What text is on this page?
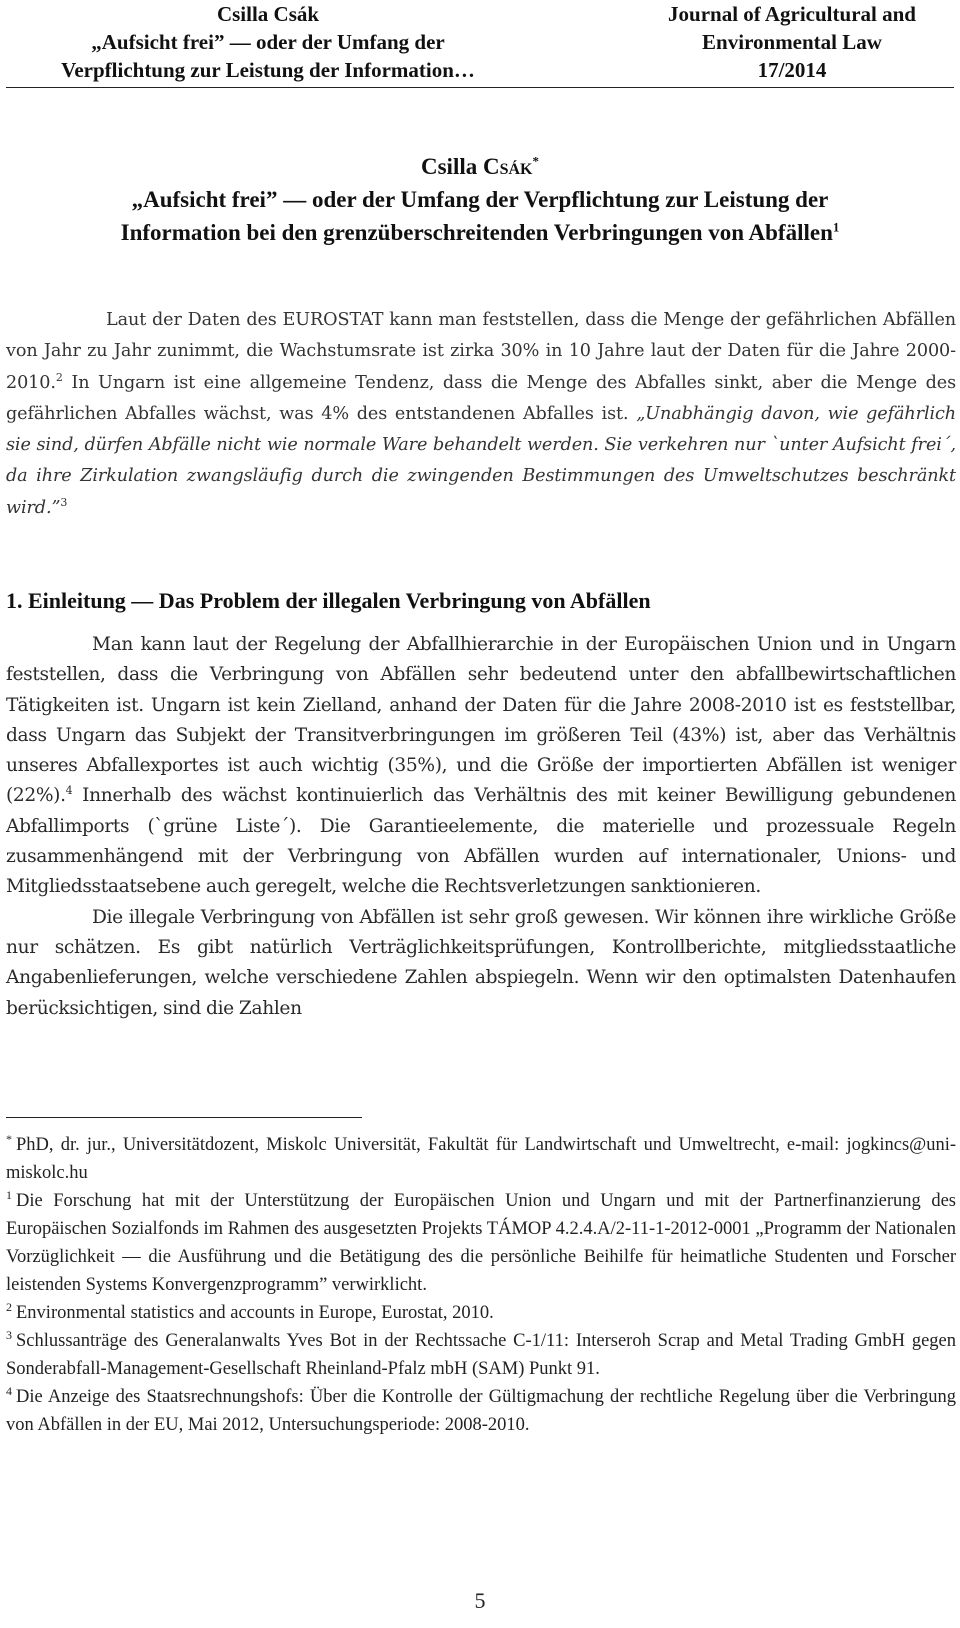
Csilla Csák
„Aufsicht frei” — oder der Umfang der
Verpflichtung zur Leistung der Information…
Journal of Agricultural and
Environmental Law
17/2014
Csilla Csák*
„Aufsicht frei” — oder der Umfang der Verpflichtung zur Leistung der
Information bei den grenzüberschreitenden Verbringungen von Abfällen$^1$

Laut der Daten des EUROSTAT kann man feststellen, dass die Menge der gefährlichen Abfällen von Jahr zu Jahr zunimmt, die Wachstumsrate ist zirka 30% in 10 Jahre laut der Daten für die Jahre 2000-2010.$^2$ In Ungarn ist eine allgemeine Tendenz, dass die Menge des Abfalles sinkt, aber die Menge des gefährlichen Abfalles wächst, was 4% des entstandenen Abfalles ist. „Unabhängig davon, wie gefährlich sie sind, dürfen Abfälle nicht wie normale Ware behandelt werden. Sie verkehren nur `unter Aufsicht frei´, da ihre Zirkulation zwangsläufig durch die zwingenden Bestimmungen des Umweltschutzes beschränkt wird.”$^3$

1. Einleitung — Das Problem der illegalen Verbringung von Abfällen

Man kann laut der Regelung der Abfallhierarchie in der Europäischen Union und in Ungarn feststellen, dass die Verbringung von Abfällen sehr bedeutend unter den abfallbewirtschaftlichen Tätigkeiten ist. Ungarn ist kein Zielland, anhand der Daten für die Jahre 2008-2010 ist es feststellbar, dass Ungarn das Subjekt der Transitverbringungen im größeren Teil (43%) ist, aber das Verhältnis unseres Abfallexportes ist auch wichtig (35%), und die Größe der importierten Abfällen ist weniger (22%).$^4$ Innerhalb des wächst kontinuierlich das Verhältnis des mit keiner Bewilligung gebundenen Abfallimports (`grüne Liste´). Die Garantieelemente, die materielle und prozessuale Regeln zusammenhängend mit der Verbringung von Abfällen wurden auf internationaler, Unions- und Mitgliedsstaatsebene auch geregelt, welche die Rechtsverletzungen sanktionieren.

Die illegale Verbringung von Abfällen ist sehr groß gewesen. Wir können ihre wirkliche Größe nur schätzen. Es gibt natürlich Verträglichkeitsprüfungen, Kontrollberichte, mitgliedsstaatliche Angabenlieferungen, welche verschiedene Zahlen abspiegeln. Wenn wir den optimalsten Datenhaufen berücksichtigen, sind die Zahlen

* PhD, dr. jur., Universitätdozent, Miskolc Universität, Fakultät für Landwirtschaft und Umweltrecht, e-mail: jogkincs@uni-miskolc.hu

$^1$ Die Forschung hat mit der Unterstützung der Europäischen Union und Ungarn und mit der Partnerfinanzierung des Europäischen Sozialfonds im Rahmen des ausgesetzten Projekts TÁMOP 4.2.4.A/2-11-1-2012-0001 „Programm der Nationalen Vorzüglichkeit — die Ausführung und die Betätigung des die persönliche Beihilfe für heimatliche Studenten und Forscher leistenden Systems Konvergenzprogramm” verwirklicht.

$^2$ Environmental statistics and accounts in Europe, Eurostat, 2010.

$^3$ Schlussanträge des Generalanwalts Yves Bot in der Rechtssache C-1/11: Interseroh Scrap and Metal Trading GmbH gegen Sonderabfall-Management-Gesellschaft Rheinland-Pfalz mbH (SAM) Punkt 91.

$^4$ Die Anzeige des Staatsrechnungshofs: Über die Kontrolle der Gültigmachung der rechtliche Regelung über die Verbringung von Abfällen in der EU, Mai 2012, Untersuchungsperiode: 2008-2010.

5
